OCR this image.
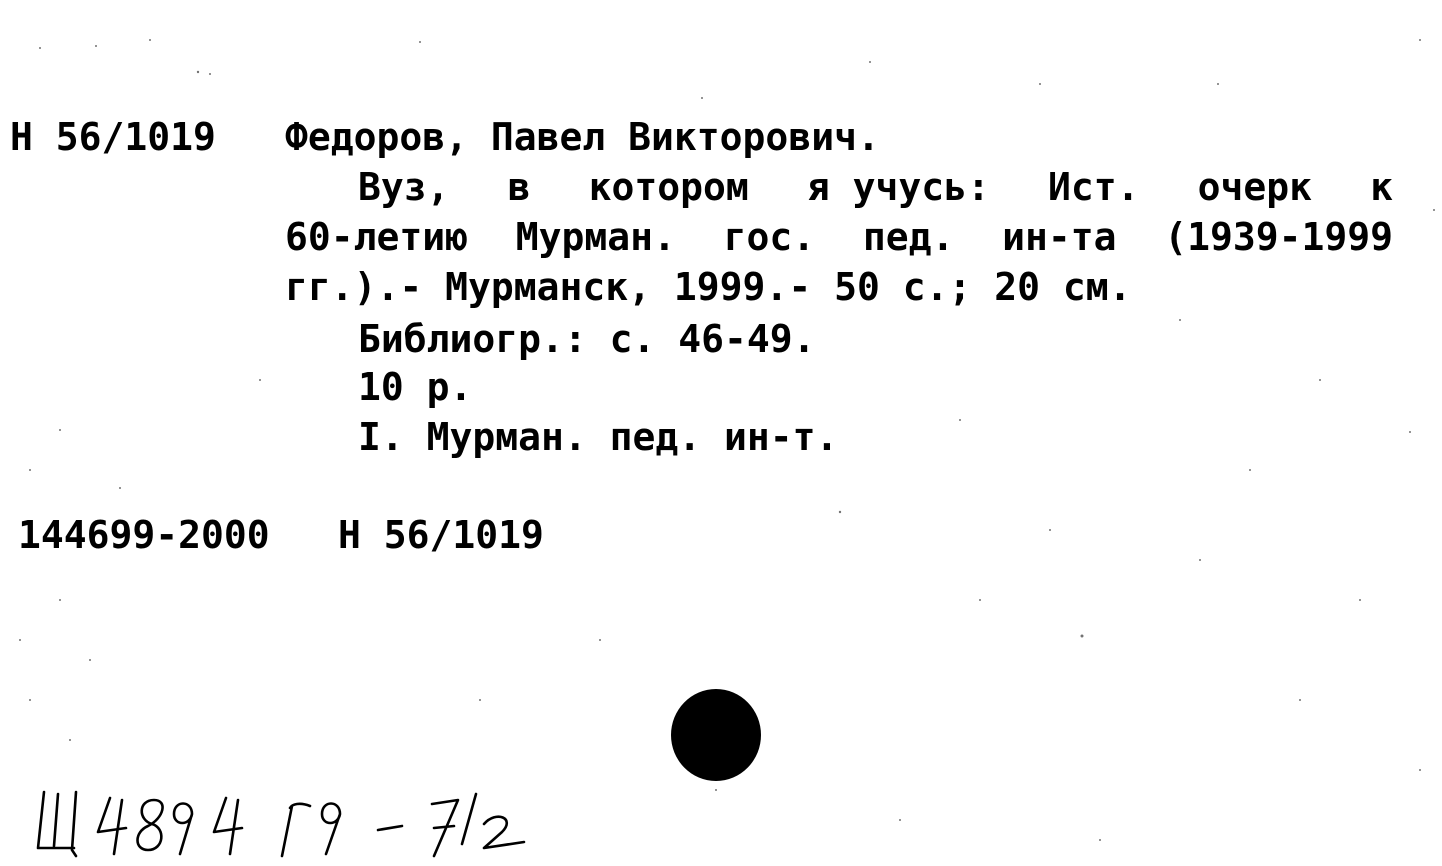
Н 56/1019 Федоров, Павел Викторович.
Вуз, в котором я учусь: Ист. очерк к
60-летию Мурман. гос. пед. ин-та (1939-1999
гг.).- Мурманск, 1999.- 50 с.; 20 см.
Библиогр.: с. 46-49.
10 р.
I. Мурман. пед. ин-т.
144699-2000 Н 56/1019
